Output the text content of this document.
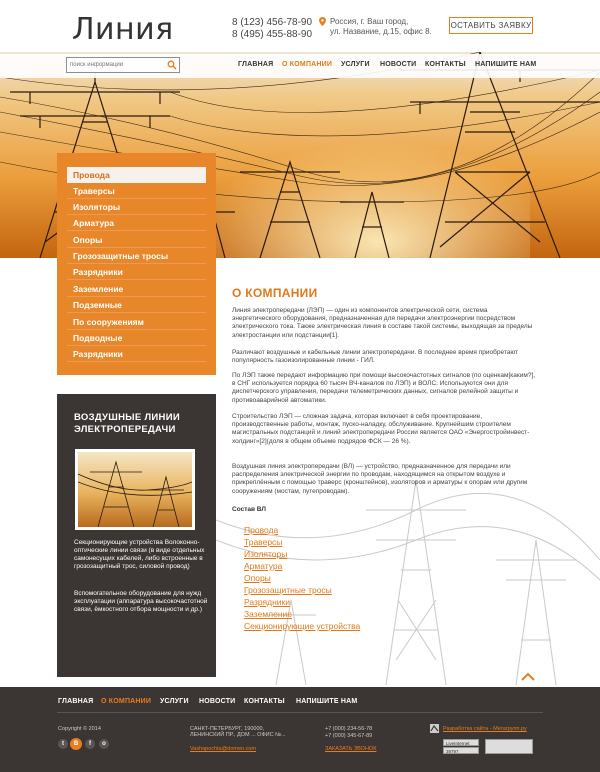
Линия	8 (123) 456-78-90
8 (495) 455-88-90
Россия, г. Ваш город,
ул. Название, д.15, офис 8.
ОСТАВИТЬ ЗАЯВКУ
поиск информации
ГЛАВНАЯ О КОМПАНИИ УСЛУГИ НОВОСТИ КОНТАКТЫ НАПИШИТЕ НАМ
Провода
Траверсы
Изоляторы
Арматура
Опоры
Грозозащитные тросы
Разрядники
Заземление
Подземные
По сооружениям
Подводные
Разрядники
ВОЗДУШНЫЕ ЛИНИИ ЭЛЕКТРОПЕРЕДАЧИ
Секционирующие устройства Волоконно-оптические линии связи (в виде отдельных самонесущих кабелей, либо встроенные в грозозащитный трос, силовой провод)
Вспомогательное оборудование для нужд эксплуатации (аппаратура высокочастотной связи, ёмкостного отбора мощности и др.)
О КОМПАНИИ
Линия электропередачи (ЛЭП) — один из компонентов электрической сети, система энергетического оборудования, предназначенная для передачи электроэнергии посредством электрического тока. Также электрическая линия в составе такой системы, выходящая за пределы электростанции или подстанции[1].
Различают воздушные и кабельные линии электропередачи. В последнее время приобретают популярность газоизолированные линии - ГИЛ.
По ЛЭП также передают информацию при помощи высокочастотных сигналов (по оценкам[каким?], в СНГ используется порядка 60 тысяч ВЧ-каналов по ЛЭП) и ВОЛС. Используются они для диспетчерского управления, передачи телеметрических данных, сигналов релейной защиты и противоаварийной автоматики.
Строительство ЛЭП — сложная задача, которая включает в себя проектирование, производственные работы, монтаж, пуско-наладку, обслуживание. Крупнейшим строителем магистральных подстанций и линий электропередачи России является ОАО «Энергостройинвест-холдинг»[2](доля в общем объеме подрядов ФСК — 26 %).
Воздушная линия электропередачи (ВЛ) — устройство, предназначенное для передачи или распределения электрической энергии по проводам, находящимся на открытом воздухе и прикреплённым с помощью траверс (кронштейнов), изоляторов и арматуры к опорам или другим сооружениям (мостам, путепроводам).
Состав ВЛ
Провода
Траверсы
Изоляторы
Арматура
Опоры
Грозозащитные тросы
Разрядники
Заземление
Секционирующие устройства
ГЛАВНАЯ О КОМПАНИИ УСЛУГИ НОВОСТИ КОНТАКТЫ НАПИШИТЕ НАМ
Copyright © 2014
t	B	f	o
САНКТ-ПЕТЕРБУРГ, 190000,
ЛЕНИНСКИЙ ПР., ДОМ ... ОФИС №...
Vashapochta@domen.com
+7 (000) 234-56-78
+7 (000) 345-67-89
ЗАКАЗАТЬ ЗВОНОК
Разработка сайта - Мегагрупп.ру
LiveInternet
39797
